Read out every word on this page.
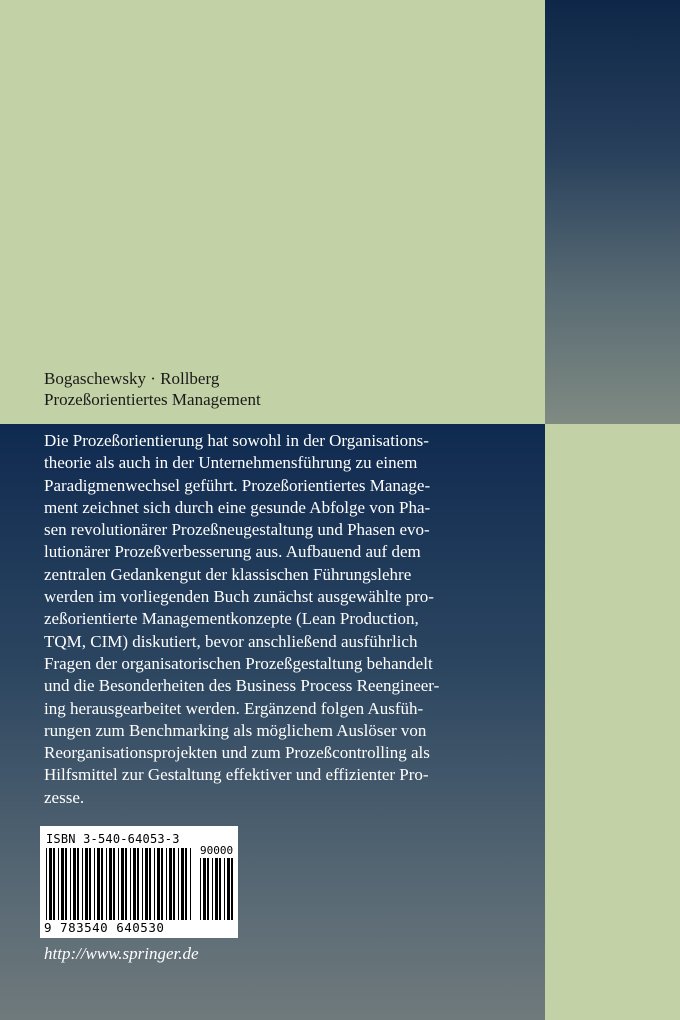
Bogaschewsky · Rollberg

Prozeßorientiertes Management

Die Prozeßorientierung hat sowohl in der Organisations-
theorie als auch in der Unternehmensführung zu einem
Paradigmenwechsel geführt. Prozeßorientiertes Manage-
ment zeichnet sich durch eine gesunde Abfolge von Pha-
sen revolutionärer Prozeßneugestaltung und Phasen evo-
lutionärer Prozeßverbesserung aus. Aufbauend auf dem
zentralen Gedankengut der klassischen Führungslehre
werden im vorliegenden Buch zunächst ausgewählte pro-
zeßorientierte Managementkonzepte (Lean Production,
TQM, CIM) diskutiert, bevor anschließend ausführlich
Fragen der organisatorischen Prozeßgestaltung behandelt
und die Besonderheiten des Business Process Reengineer-
ing herausgearbeitet werden. Ergänzend folgen Ausfüh-
rungen zum Benchmarking als möglichem Auslöser von
Reorganisationsprojekten und zum Prozeßcontrolling als
Hilfsmittel zur Gestaltung effektiver und effizienter Pro-
zesse.
ISBN 3-540-64053-3
90000
9 783540 640530

http://www.springer.de
